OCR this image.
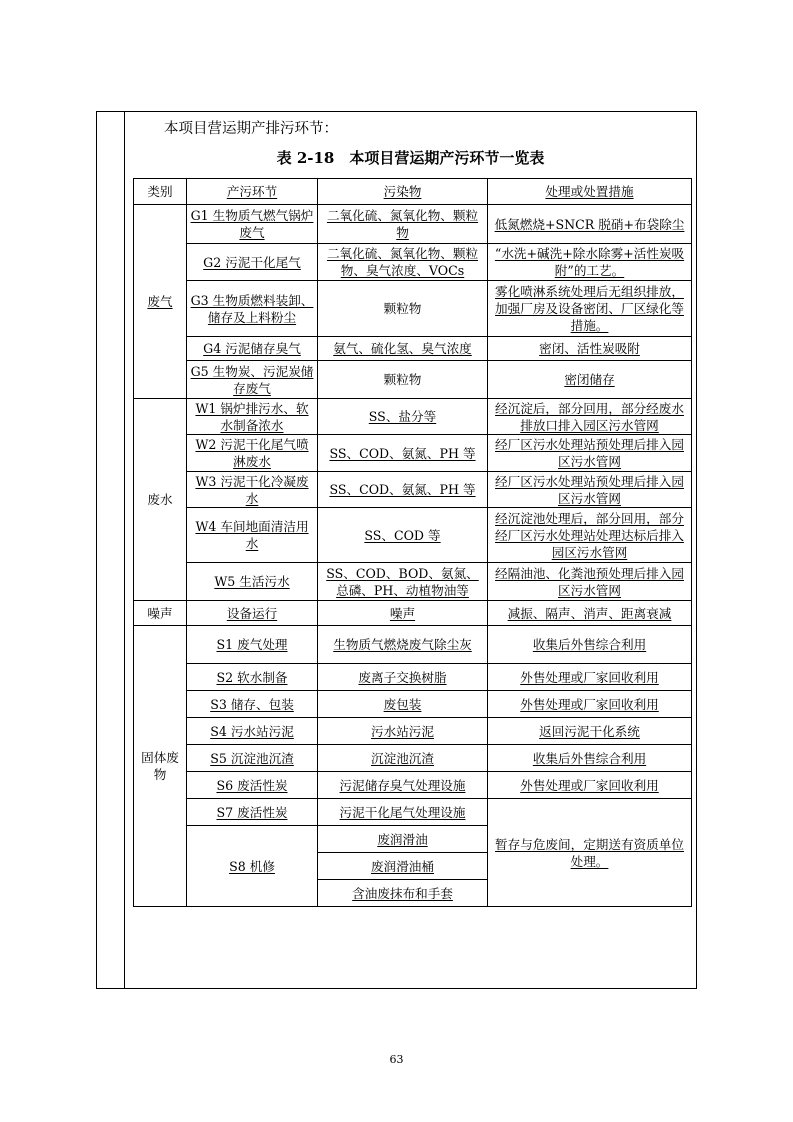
本项目营运期产排污环节：
表 2-18　本项目营运期产污环节一览表
类别	产污环节	污染物	处理或处置措施
废气	G1 生物质气燃气锅炉废气	二氧化硫、氮氧化物、颗粒物	低氮燃烧+SNCR 脱硝+布袋除尘
	G2 污泥干化尾气	二氧化硫、氮氧化物、颗粒物、臭气浓度、VOCs	“水洗+碱洗+除水除雾+活性炭吸附”的工艺。
	G3 生物质燃料装卸、储存及上料粉尘	颗粒物	雾化喷淋系统处理后无组织排放，加强厂房及设备密闭、厂区绿化等措施。
	G4 污泥储存臭气	氨气、硫化氢、臭气浓度	密闭、活性炭吸附
	G5 生物炭、污泥炭储存废气	颗粒物	密闭储存
废水	W1 锅炉排污水、软水制备浓水	SS、盐分等	经沉淀后，部分回用，部分经废水排放口排入园区污水管网
	W2 污泥干化尾气喷淋废水	SS、COD、氨氮、PH 等	经厂区污水处理站预处理后排入园区污水管网
	W3 污泥干化冷凝废水	SS、COD、氨氮、PH 等	经厂区污水处理站预处理后排入园区污水管网
	W4 车间地面清洁用水	SS、COD 等	经沉淀池处理后，部分回用，部分经厂区污水处理站处理达标后排入园区污水管网
	W5 生活污水	SS、COD、BOD、氨氮、总磷、PH、动植物油等	经隔油池、化粪池预处理后排入园区污水管网
噪声	设备运行	噪声	减振、隔声、消声、距离衰减
固体废物	S1 废气处理	生物质气燃烧废气除尘灰	收集后外售综合利用
	S2 软水制备	废离子交换树脂	外售处理或厂家回收利用
	S3 储存、包装	废包装	外售处理或厂家回收利用
	S4 污水站污泥	污水站污泥	返回污泥干化系统
	S5 沉淀池沉渣	沉淀池沉渣	收集后外售综合利用
	S6 废活性炭	污泥储存臭气处理设施	外售处理或厂家回收利用
	S7 废活性炭	污泥干化尾气处理设施	暂存与危废间，定期送有资质单位处理。
	S8 机修	废润滑油	
		废润滑油桶	
		含油废抹布和手套	
63
